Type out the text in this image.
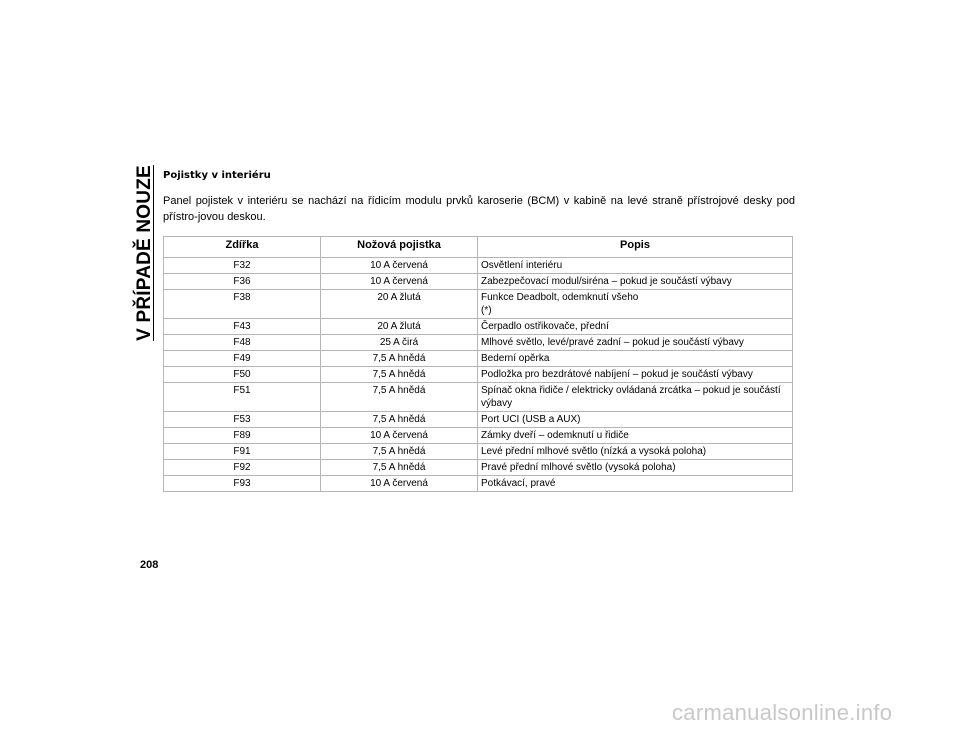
V PŘÍPADĚ NOUZE Pojistky v interiéru
Panel pojistek v interiéru se nachází na řídicím modulu prvků karoserie (BCM) v kabině na levé straně přístrojové desky pod přístro-jovou deskou.
Zdířka	Nožová pojistka	Popis
F32	10 A červená	Osvětlení interiéru
F36	10 A červená	Zabezpečovací modul/siréna – pokud je součástí výbavy
F38	20 A žlutá	Funkce Deadbolt, odemknutí všeho
(*)
F43	20 A žlutá	Čerpadlo ostřikovače, přední
F48	25 A čirá	Mlhové světlo, levé/pravé zadní – pokud je součástí výbavy
F49	7,5 A hnědá	Bederní opěrka
F50	7,5 A hnědá	Podložka pro bezdrátové nabíjení – pokud je součástí výbavy
F51	7,5 A hnědá	Spínač okna řidiče / elektricky ovládaná zrcátka – pokud je součástí výbavy
F53	7,5 A hnědá	Port UCI (USB a AUX)
F89	10 A červená	Zámky dveří – odemknutí u řidiče
F91	7,5 A hnědá	Levé přední mlhové světlo (nízká a vysoká poloha)
F92	7,5 A hnědá	Pravé přední mlhové světlo (vysoká poloha)
F93	10 A červená	Potkávací, pravé
208
carmanualsonline.info
